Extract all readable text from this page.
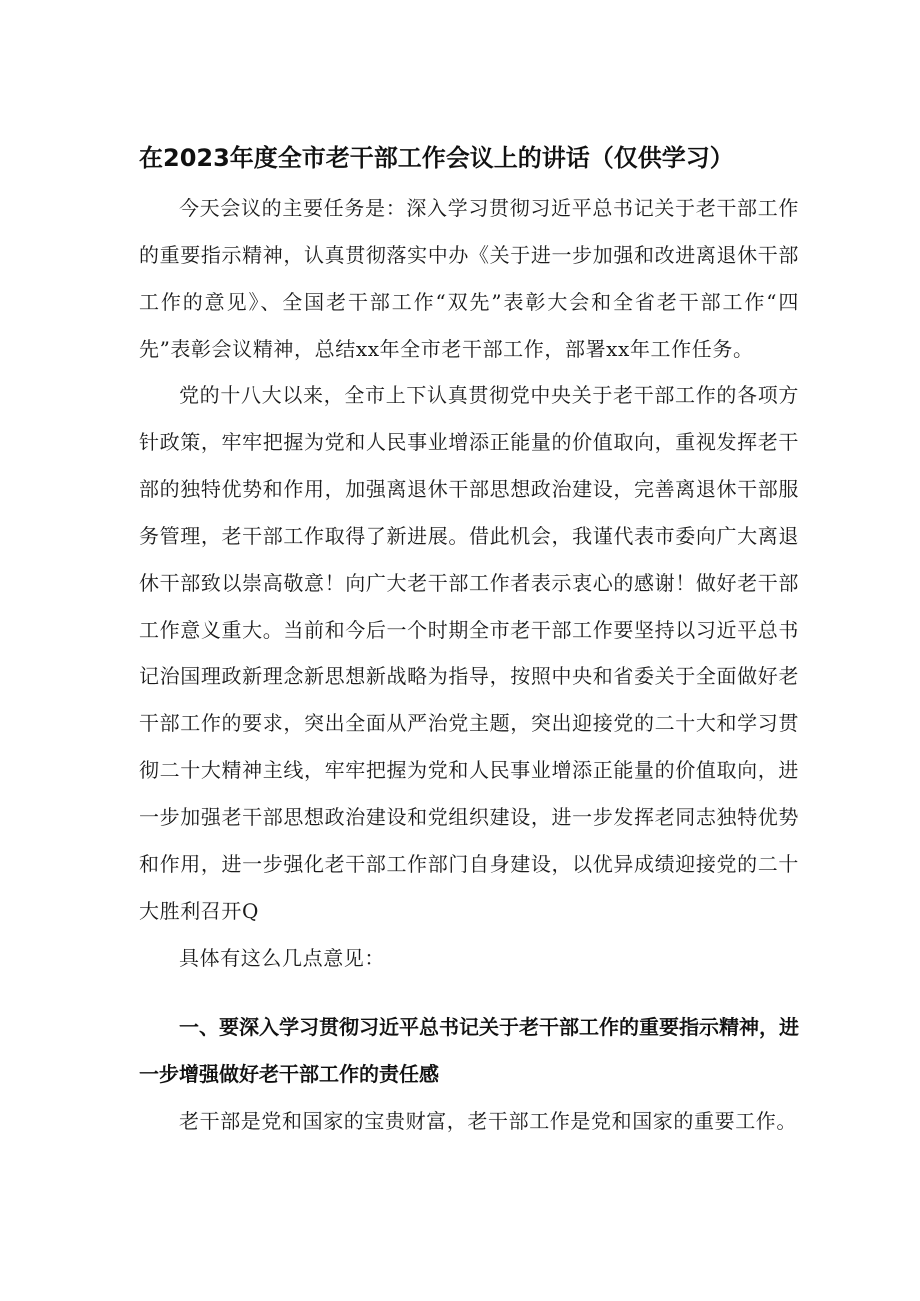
在2023年度全市老干部工作会议上的讲话（仅供学习）

今天会议的主要任务是：深入学习贯彻习近平总书记关于老干部工作的重要指示精神，认真贯彻落实中办《关于进一步加强和改进离退休干部工作的意见》、全国老干部工作“双先”表彰大会和全省老干部工作“四先”表彰会议精神，总结xx年全市老干部工作，部署xx年工作任务。

党的十八大以来，全市上下认真贯彻党中央关于老干部工作的各项方针政策，牢牢把握为党和人民事业增添正能量的价值取向，重视发挥老干部的独特优势和作用，加强离退休干部思想政治建设，完善离退休干部服务管理，老干部工作取得了新进展。借此机会，我谨代表市委向广大离退休干部致以崇高敬意！向广大老干部工作者表示衷心的感谢！做好老干部工作意义重大。当前和今后一个时期全市老干部工作要坚持以习近平总书记治国理政新理念新思想新战略为指导，按照中央和省委关于全面做好老干部工作的要求，突出全面从严治党主题，突出迎接党的二十大和学习贯彻二十大精神主线，牢牢把握为党和人民事业增添正能量的价值取向，进一步加强老干部思想政治建设和党组织建设，进一步发挥老同志独特优势和作用，进一步强化老干部工作部门自身建设，以优异成绩迎接党的二十大胜利召开Q

具体有这么几点意见：

一、要深入学习贯彻习近平总书记关于老干部工作的重要指示精神，进一步增强做好老干部工作的责任感

老干部是党和国家的宝贵财富，老干部工作是党和国家的重要工作。
